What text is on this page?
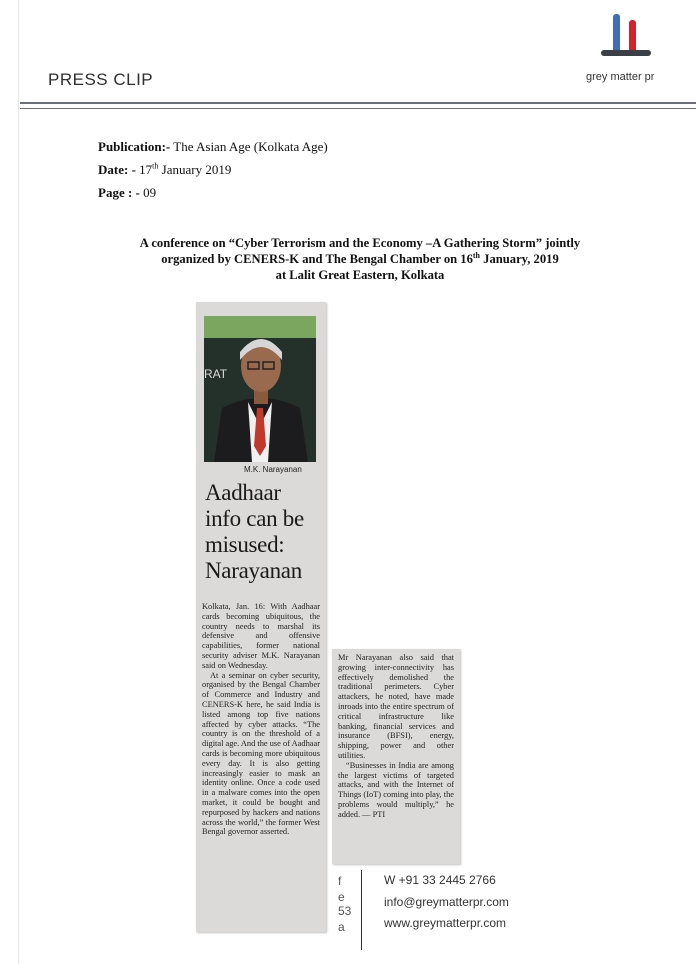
PRESS CLIP	grey matter pr
Publication:- The Asian Age (Kolkata Age)
Date: - 17th January 2019
Page : - 09
A conference on “Cyber Terrorism and the Economy –A Gathering Storm” jointly
organized by CENERS-K and The Bengal Chamber on 16th January, 2019
at Lalit Great Eastern, Kolkata
RAT
M.K. Narayanan
Aadhaar
info can be
misused:
Narayanan

Kolkata, Jan. 16: With Aadhaar cards becoming ubiquitous, the country needs to marshal its defensive and offensive capabilities, former national security adviser M.K. Narayanan said on Wednesday.

At a seminar on cyber security, organised by the Bengal Chamber of Commerce and Industry and CENERS-K here, he said India is listed among top five nations affected by cyber attacks. “The country is on the threshold of a digital age. And the use of Aadhaar cards is becoming more ubiquitous every day. It is also getting increasingly easier to mask an identity online. Once a code used in a malware comes into the open market, it could be bought and repurposed by hackers and nations across the world,” the former West Bengal governor asserted.

Mr Narayanan also said that growing inter-connectivity has effectively demolished the traditional perimeters. Cyber attackers, he noted, have made inroads into the entire spectrum of critical infrastructure like banking, financial services and insurance (BFSI), energy, shipping, power and other utilities.

“Businesses in India are among the largest victims of targeted attacks, and with the Internet of Things (IoT) coming into play, the problems would multiply,” he added. — PTI

f
e
53
a
W +91 33 2445 2766
info@greymatterpr.com
www.greymatterpr.com
